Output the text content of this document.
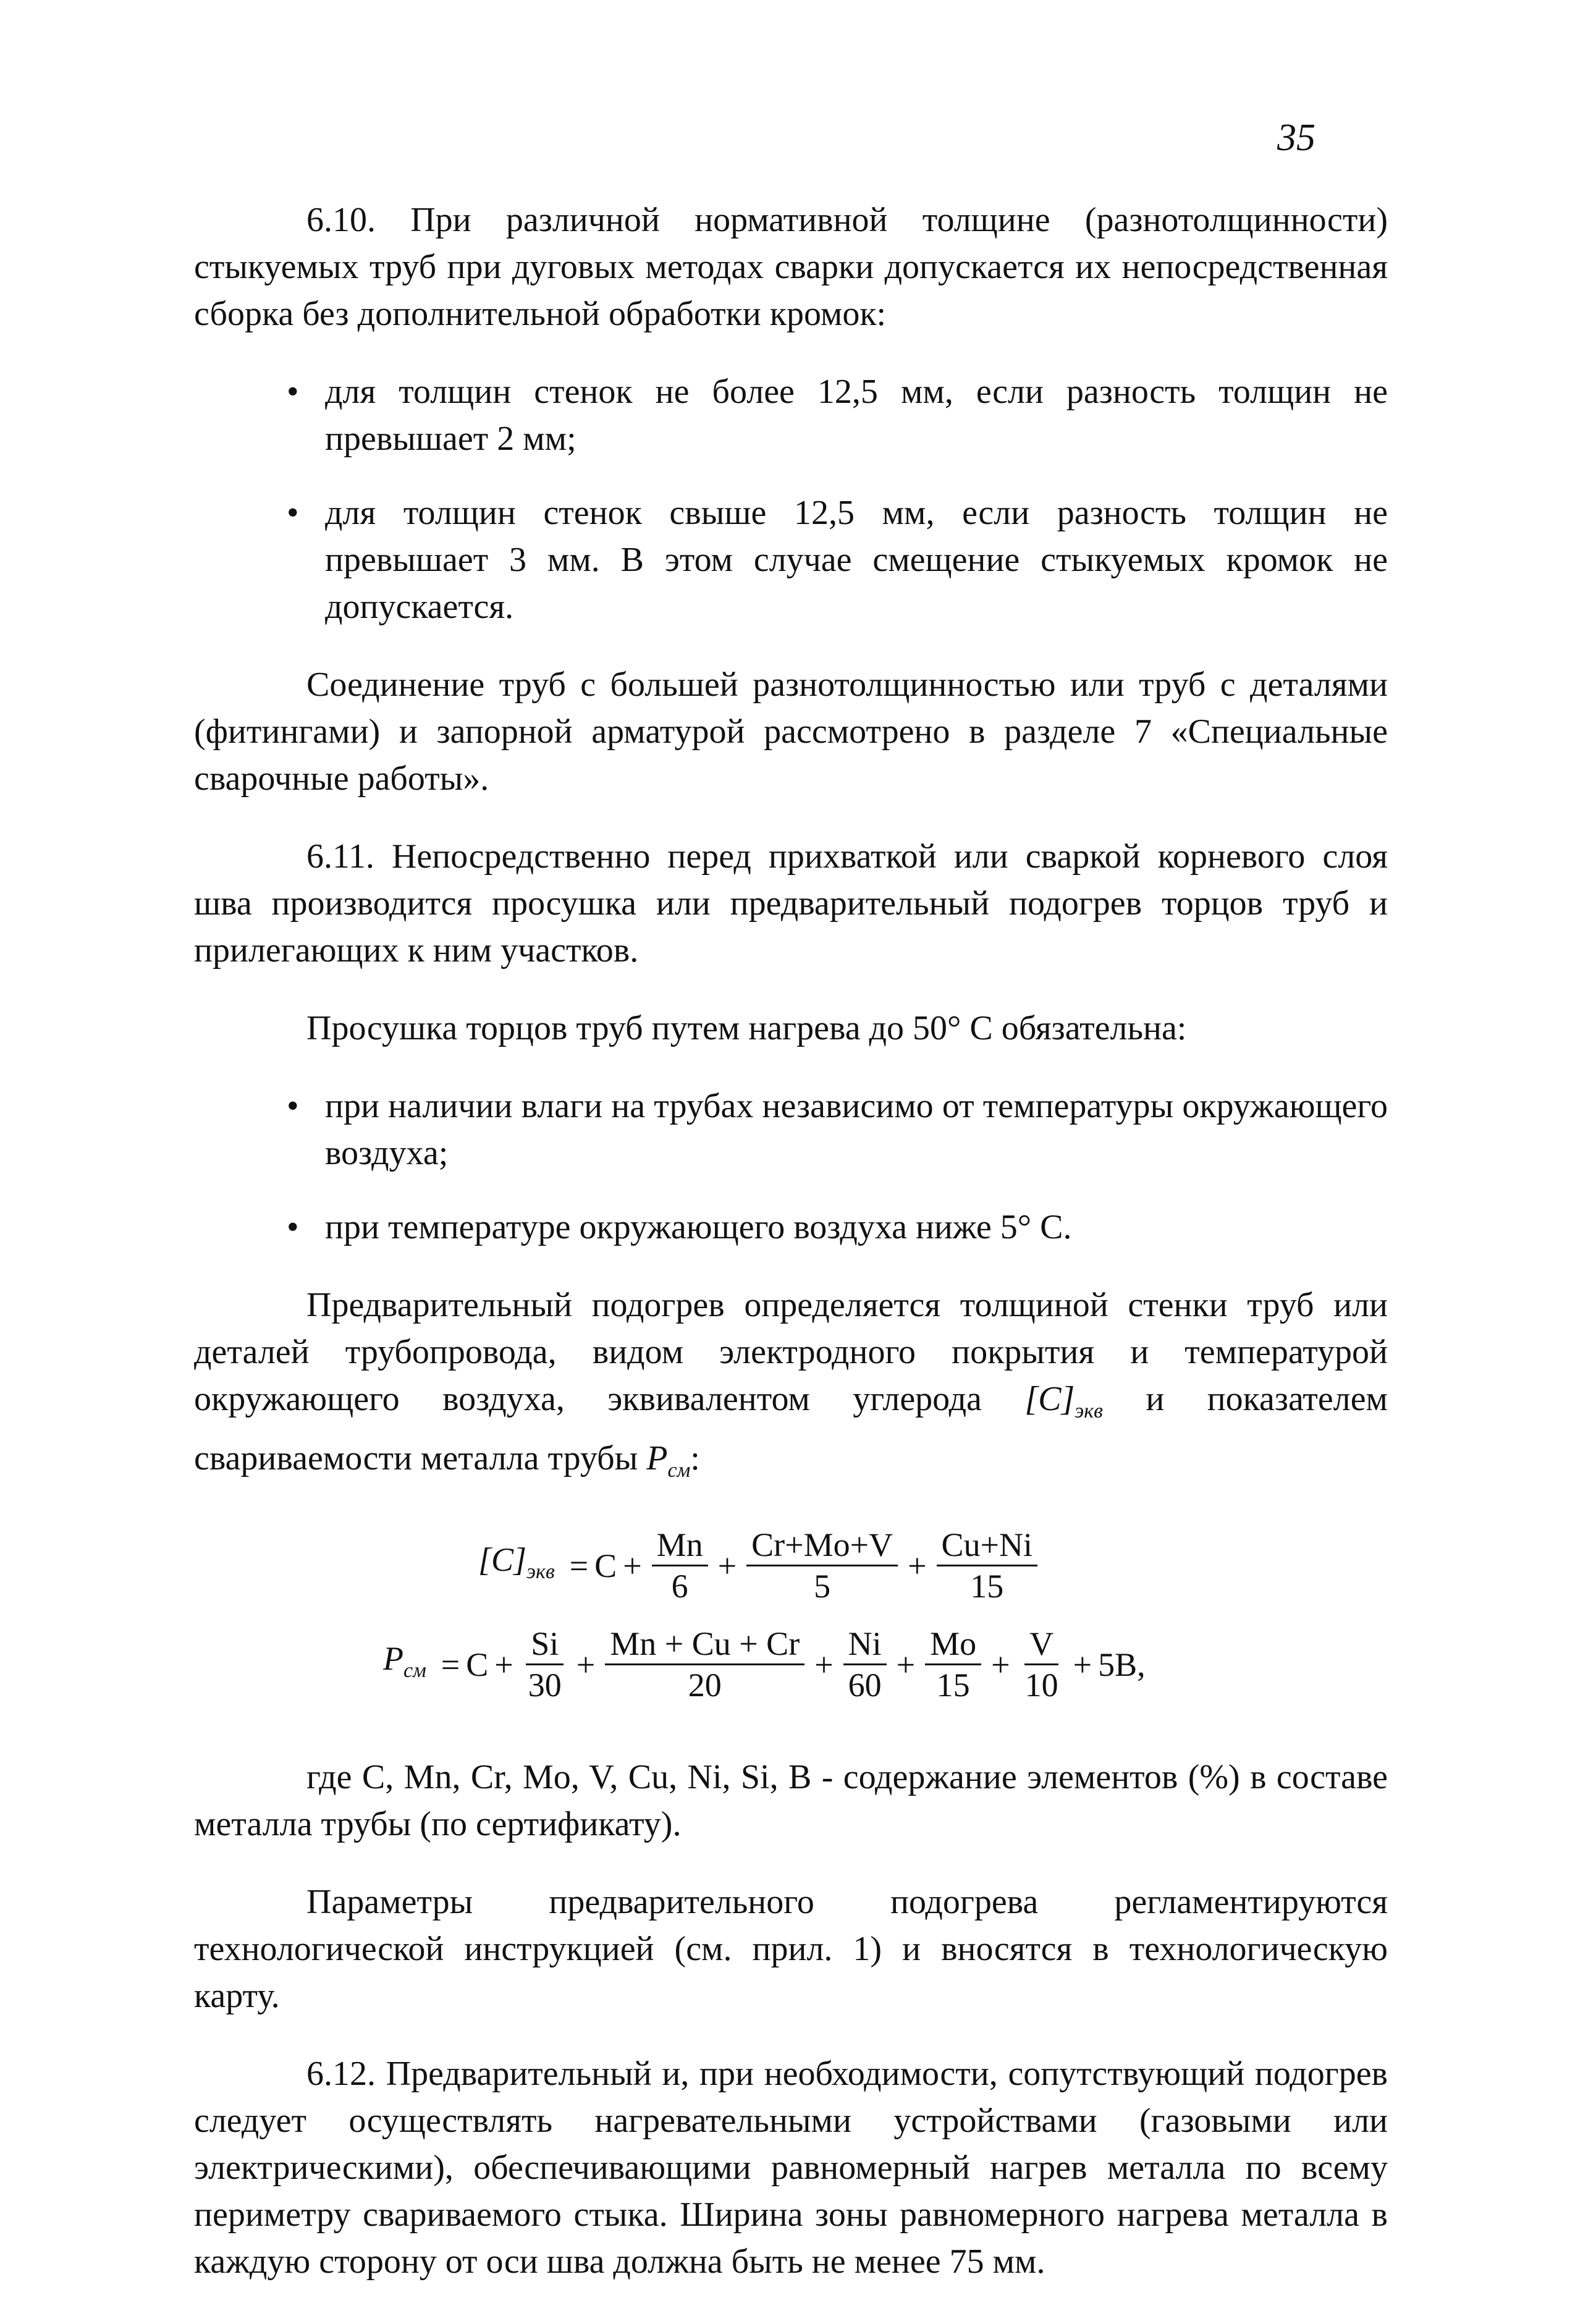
35

6.10. При различной нормативной толщине (разнотолщинности) стыкуемых труб при дуговых методах сварки допускается их непосредственная сборка без дополнительной обработки кромок:

• для толщин стенок не более 12,5 мм, если разность толщин не превышает 2 мм;
• для толщин стенок свыше 12,5 мм, если разность толщин не превышает 3 мм. В этом случае смещение стыкуемых кромок не допускается.

Соединение труб с большей разнотолщинностью или труб с деталями (фитингами) и запорной арматурой рассмотрено в разделе 7 «Специальные сварочные работы».

6.11. Непосредственно перед прихваткой или сваркой корневого слоя шва производится просушка или предварительный подогрев торцов труб и прилегающих к ним участков.

Просушка торцов труб путем нагрева до 50° С обязательна:

• при наличии влаги на трубах независимо от температуры окружающего воздуха;
• при температуре окружающего воздуха ниже 5° С.

Предварительный подогрев определяется толщиной стенки труб или деталей трубопровода, видом электродного покрытия и температурой окружающего воздуха, эквивалентом углерода $[C]_{экв}$ и показателем свариваемости металла трубы $P_{см}$:

$[C]_{экв} = C + \frac{Mn}{6} + \frac{Cr+Mo+V}{5} + \frac{Cu+Ni}{15}$
$P_{см} = C + \frac{Si}{30} + \frac{Mn + Cu + Cr}{20} + \frac{Ni}{60} + \frac{Mo}{15} + \frac{V}{10} + 5B$ ,

где C, Mn, Cr, Mo, V, Cu, Ni, Si, B - содержание элементов (%) в составе металла трубы (по сертификату).

Параметры предварительного подогрева регламентируются технологической инструкцией (см. прил. 1) и вносятся в технологическую карту.

6.12. Предварительный и, при необходимости, сопутствующий подогрев следует осуществлять нагревательными устройствами (газовыми или электрическими), обеспечивающими равномерный нагрев металла по всему периметру свариваемого стыка. Ширина зоны равномерного нагрева металла в каждую сторону от оси шва должна быть не менее 75 мм.
